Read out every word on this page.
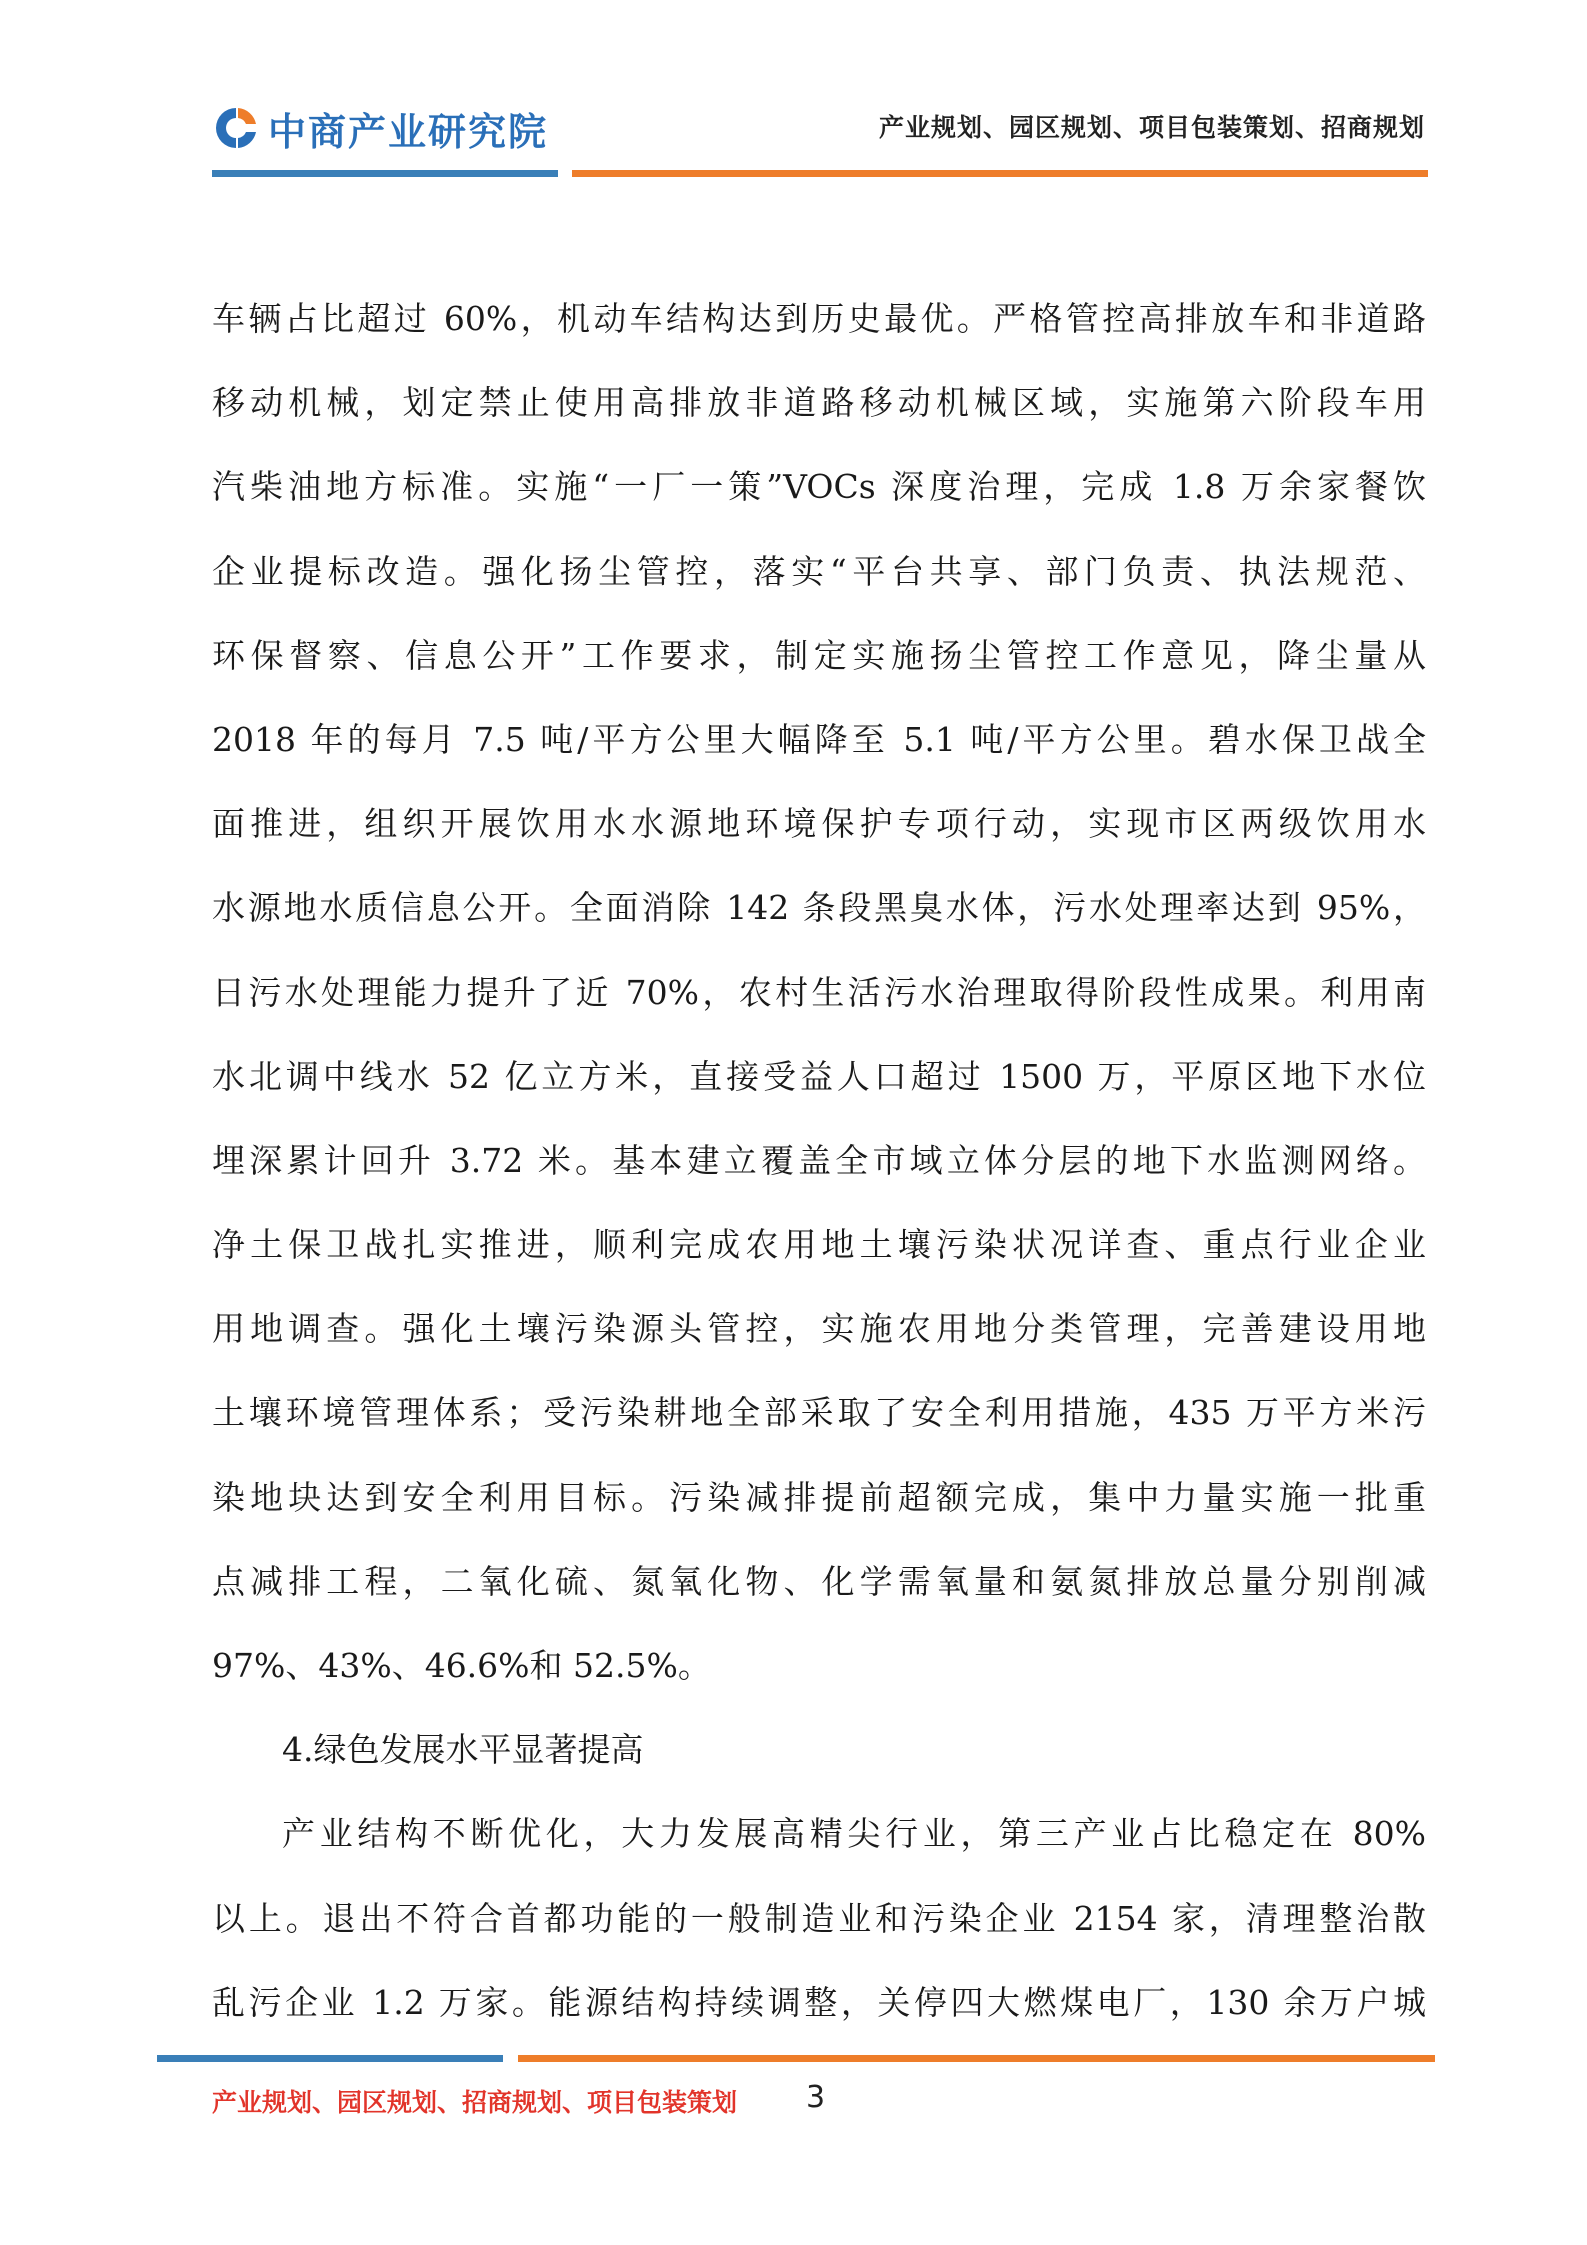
中商产业研究院	产业规划、园区规划、项目包装策划、招商规划
车辆占比超过 60%，机动车结构达到历史最优。严格管控高排放车和非道路
移动机械，划定禁止使用高排放非道路移动机械区域，实施第六阶段车用
汽柴油地方标准。实施“一厂一策”VOCs 深度治理，完成 1.8 万余家餐饮
企业提标改造。强化扬尘管控，落实“平台共享、部门负责、执法规范、
环保督察、信息公开”工作要求，制定实施扬尘管控工作意见，降尘量从
2018 年的每月 7.5 吨/平方公里大幅降至 5.1 吨/平方公里。碧水保卫战全
面推进，组织开展饮用水水源地环境保护专项行动，实现市区两级饮用水
水源地水质信息公开。全面消除 142 条段黑臭水体，污水处理率达到 95%，
日污水处理能力提升了近 70%，农村生活污水治理取得阶段性成果。利用南
水北调中线水 52 亿立方米，直接受益人口超过 1500 万，平原区地下水位
埋深累计回升 3.72 米。基本建立覆盖全市域立体分层的地下水监测网络。
净土保卫战扎实推进，顺利完成农用地土壤污染状况详查、重点行业企业
用地调查。强化土壤污染源头管控，实施农用地分类管理，完善建设用地
土壤环境管理体系；受污染耕地全部采取了安全利用措施，435 万平方米污
染地块达到安全利用目标。污染减排提前超额完成，集中力量实施一批重
点减排工程，二氧化硫、氮氧化物、化学需氧量和氨氮排放总量分别削减
97%、43%、46.6%和 52.5%。
4.绿色发展水平显著提高
产业结构不断优化，大力发展高精尖行业，第三产业占比稳定在 80%
以上。退出不符合首都功能的一般制造业和污染企业 2154 家，清理整治散
乱污企业 1.2 万家。能源结构持续调整，关停四大燃煤电厂，130 余万户城
产业规划、园区规划、招商规划、项目包装策划 3
